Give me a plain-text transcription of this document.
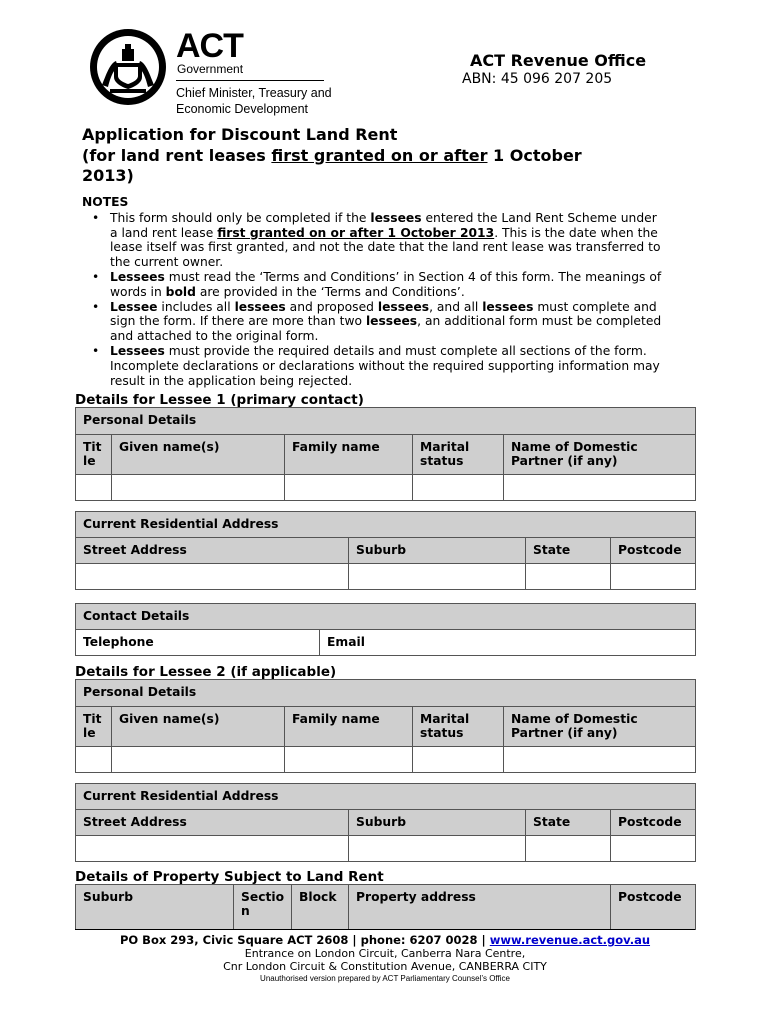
ACT
Government
Chief Minister, Treasury and Economic Development
ACT Revenue Office
ABN: 45 096 207 205
Application for Discount Land Rent
(for land rent leases first granted on or after 1 October
2013)
NOTES
• This form should only be completed if the lessees entered the Land Rent Scheme under a land rent lease first granted on or after 1 October 2013. This is the date when the lease itself was first granted, and not the date that the land rent lease was transferred to the current owner.
• Lessees must read the ‘Terms and Conditions’ in Section 4 of this form. The meanings of words in bold are provided in the ‘Terms and Conditions’.
• Lessee includes all lessees and proposed lessees, and all lessees must complete and sign the form. If there are more than two lessees, an additional form must be completed and attached to the original form.
• Lessees must provide the required details and must complete all sections of the form. Incomplete declarations or declarations without the required supporting information may result in the application being rejected.
Details for Lessee 1 (primary contact)
Personal Details				
Tit le	Given name(s)	Family name	Marital status	Name of Domestic Partner (if any)

Current Residential Address			
Street Address	Suburb	State	Postcode

Contact Details
Telephone	Email
Details for Lessee 2 (if applicable)
Personal Details				
Tit le	Given name(s)	Family name	Marital status	Name of Domestic Partner (if any)

Current Residential Address			
Street Address	Suburb	State	Postcode

Details of Property Subject to Land Rent
Suburb	Sectio n	Block	Property address	Postcode
PO Box 293, Civic Square ACT 2608 | phone: 6207 0028 | www.revenue.act.gov.au
Entrance on London Circuit, Canberra Nara Centre,
Cnr London Circuit & Constitution Avenue, CANBERRA CITY
Unauthorised version prepared by ACT Parliamentary Counsel’s Office
